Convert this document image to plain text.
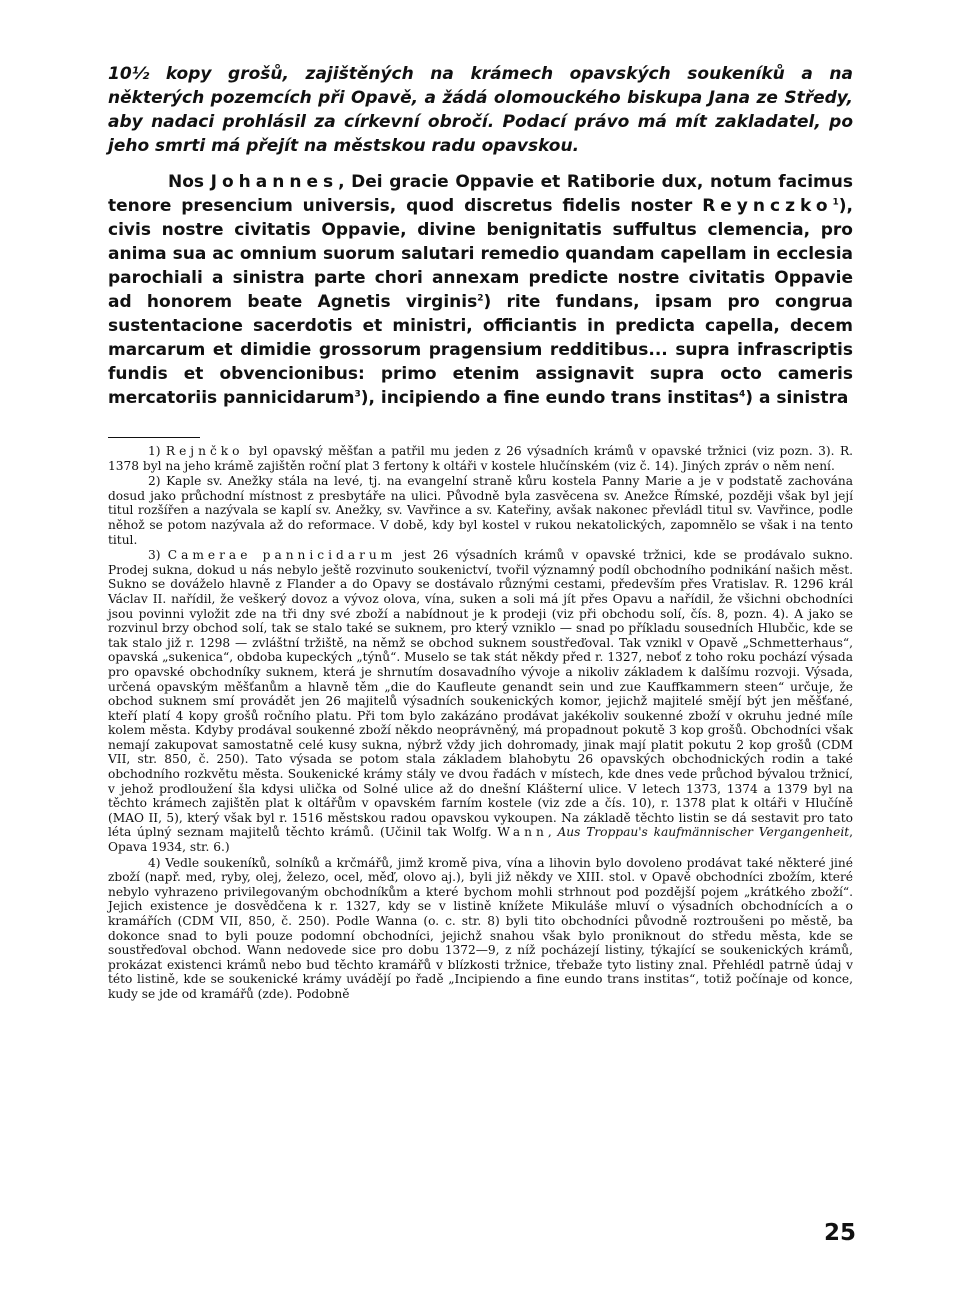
10½ kopy grošů, zajištěných na krámech opavských soukeníků a na některých pozemcích při Opavě, a žádá olomouckého biskupa Jana ze Středy, aby nadaci prohlásil za církevní obročí. Podací právo má mít zakladatel, po jeho smrti má přejít na městskou radu opavskou.

Nos Johannes, Dei gracie Oppavie et Ratiborie dux, notum facimus tenore presencium universis, quod discretus fidelis noster Reynczko$^1$), civis nostre civitatis Oppavie, divine benignitatis suffultus clemencia, pro anima sua ac omnium suorum salutari remedio quandam capellam in ecclesia parochiali a sinistra parte chori annexam predicte nostre civitatis Oppavie ad honorem beate Agnetis virginis$^2$) rite fundans, ipsam pro congrua sustentacione sacerdotis et ministri, officiantis in predicta capella, decem marcarum et dimidie grossorum pragensium redditibus... supra infrascriptis fundis et obvencionibus: primo etenim assignavit supra octo cameris mercatoriis pannicidarum$^3$), incipiendo a fine eundo trans institas$^4$) a sinistra

1) Rejnčko byl opavský měšťan a patřil mu jeden z 26 výsadních krámů v opavské tržnici (viz pozn. 3). R. 1378 byl na jeho krámě zajištěn roční plat 3 fertony k oltáři v kostele hlučínském (viz č. 14). Jiných zpráv o něm není.

2) Kaple sv. Anežky stála na levé, tj. na evangelní straně kůru kostela Panny Marie a je v podstatě zachována dosud jako průchodní místnost z presbytáře na ulici. Původně byla zasvěcena sv. Anežce Římské, později však byl její titul rozšířen a nazývala se kaplí sv. Anežky, sv. Vavřince a sv. Kateřiny, avšak nakonec převládl titul sv. Vavřince, podle něhož se potom nazývala až do reformace. V době, kdy byl kostel v rukou nekatolických, zapomnělo se však i na tento titul.

3) Camerae pannicidarum jest 26 výsadních krámů v opavské tržnici, kde se prodávalo sukno. Prodej sukna, dokud u nás nebylo ještě rozvinuto soukenictví, tvořil významný podíl obchodního podnikání našich měst. Sukno se dováželo hlavně z Flander a do Opavy se dostávalo různými cestami, především přes Vratislav. R. 1296 král Václav II. nařídil, že veškerý dovoz a vývoz olova, vína, suken a soli má jít přes Opavu a nařídil, že všichni obchodníci jsou povinni vyložit zde na tři dny své zboží a nabídnout je k prodeji (viz při obchodu solí, čís. 8, pozn. 4). A jako se rozvinul brzy obchod solí, tak se stalo také se suknem, pro který vzniklo — snad po příkladu sousedních Hlubčic, kde se tak stalo již r. 1298 — zvláštní tržiště, na němž se obchod suknem soustřeďoval. Tak vznikl v Opavě „Schmetterhaus“, opavská „sukenica“, obdoba kupeckých „týnů“. Muselo se tak stát někdy před r. 1327, neboť z toho roku pochází výsada pro opavské obchodníky suknem, která je shrnutím dosavadního vývoje a nikoliv základem k dalšímu rozvoji. Výsada, určená opavským měšťanům a hlavně těm „die do Kaufleute genandt sein und zue Kauffkammern steen“ určuje, že obchod suknem smí provádět jen 26 majitelů výsadních soukenických komor, jejichž majitelé smějí být jen měšťané, kteří platí 4 kopy grošů ročního platu. Při tom bylo zakázáno prodávat jakékoliv soukenné zboží v okruhu jedné míle kolem města. Kdyby prodával soukenné zboží někdo neoprávněný, má propadnout pokutě 3 kop grošů. Obchodníci však nemají zakupovat samostatně celé kusy sukna, nýbrž vždy jich dohromady, jinak mají platit pokutu 2 kop grošů (CDM VII, str. 850, č. 250). Tato výsada se potom stala základem blahobytu 26 opavských obchodnických rodin a také obchodního rozkvětu města. Soukenické krámy stály ve dvou řadách v místech, kde dnes vede průchod bývalou tržnicí, v jehož prodloužení šla kdysi ulička od Solné ulice až do dnešní Klášterní ulice. V letech 1373, 1374 a 1379 byl na těchto krámech zajištěn plat k oltářům v opavském farním kostele (viz zde a čís. 10), r. 1378 plat k oltáři v Hlučíně (MAO II, 5), který však byl r. 1516 městskou radou opavskou vykoupen. Na základě těchto listin se dá sestavit pro tato léta úplný seznam majitelů těchto krámů. (Učinil tak Wolfg. Wann, Aus Troppau's kaufmännischer Vergangenheit, Opava 1934, str. 6.)

4) Vedle soukeníků, solníků a krčmářů, jimž kromě piva, vína a lihovin bylo dovoleno prodávat také některé jiné zboží (např. med, ryby, olej, železo, ocel, měď, olovo aj.), byli již někdy ve XIII. stol. v Opavě obchodníci zbožím, které nebylo vyhrazeno privilegovaným obchodníkům a které bychom mohli strhnout pod pozdější pojem „krátkého zboží“. Jejich existence je dosvědčena k r. 1327, kdy se v listině knížete Mikuláše mluví o výsadních obchodnících a o kramářích (CDM VII, 850, č. 250). Podle Wanna (o. c. str. 8) byli tito obchodníci původně roztroušeni po městě, ba dokonce snad to byli pouze podomní obchodníci, jejichž snahou však bylo proniknout do středu města, kde se soustřeďoval obchod. Wann nedovede sice pro dobu 1372—9, z níž pocházejí listiny, týkající se soukenických krámů, prokázat existenci krámů nebo bud těchto kramářů v blízkosti tržnice, třebaže tyto listiny znal. Přehlédl patrně údaj v této listině, kde se soukenické krámy uvádějí po řadě „Incipiendo a fine eundo trans institas“, totiž počínaje od konce, kudy se jde od kramářů (zde). Podobně

25
